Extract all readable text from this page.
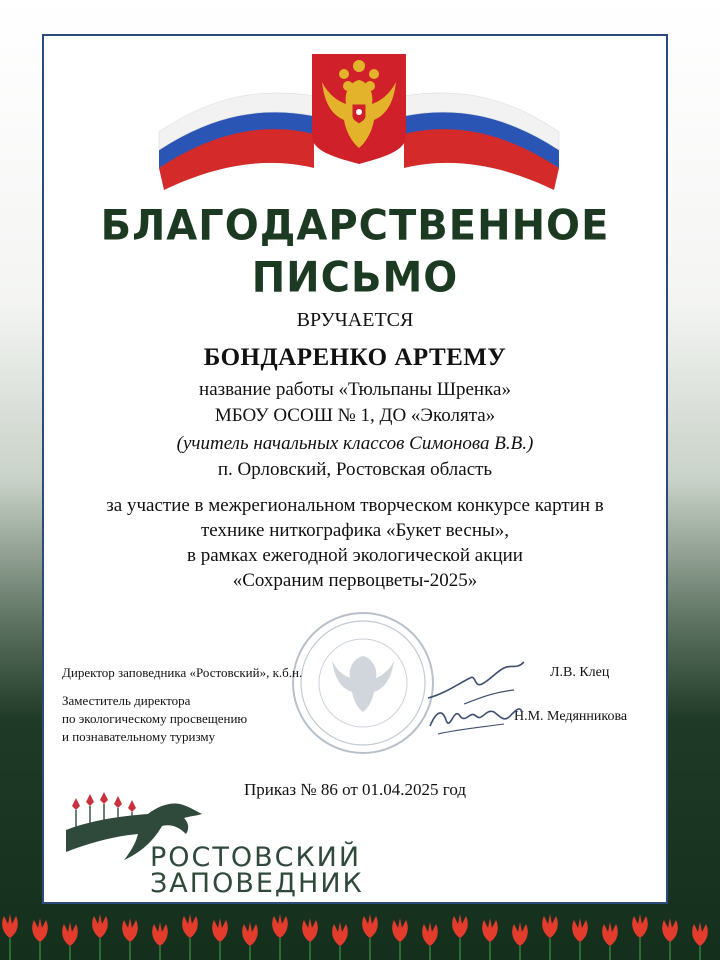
БЛАГОДАРСТВЕННОЕ
ПИСЬМО
ВРУЧАЕТСЯ
БОНДАРЕНКО АРТЕМУ
название работы «Тюльпаны Шренка»
МБОУ ОСОШ № 1, ДО «Эколята»
(учитель начальных классов Симонова В.В.)
п. Орловский, Ростовская область
за участие в межрегиональном творческом конкурсе картин в
технике ниткографика «Букет весны»,
в рамках ежегодной экологической акции
«Сохраним первоцветы-2025»
Директор заповедника «Ростовский», к.б.н.	Л.В. Клец
Заместитель директора
по экологическому просвещению
и познавательному туризму
Н.М. Медянникова
Приказ № 86 от 01.04.2025 год
РОСТОВСКИЙ
ЗАПОВЕДНИК
